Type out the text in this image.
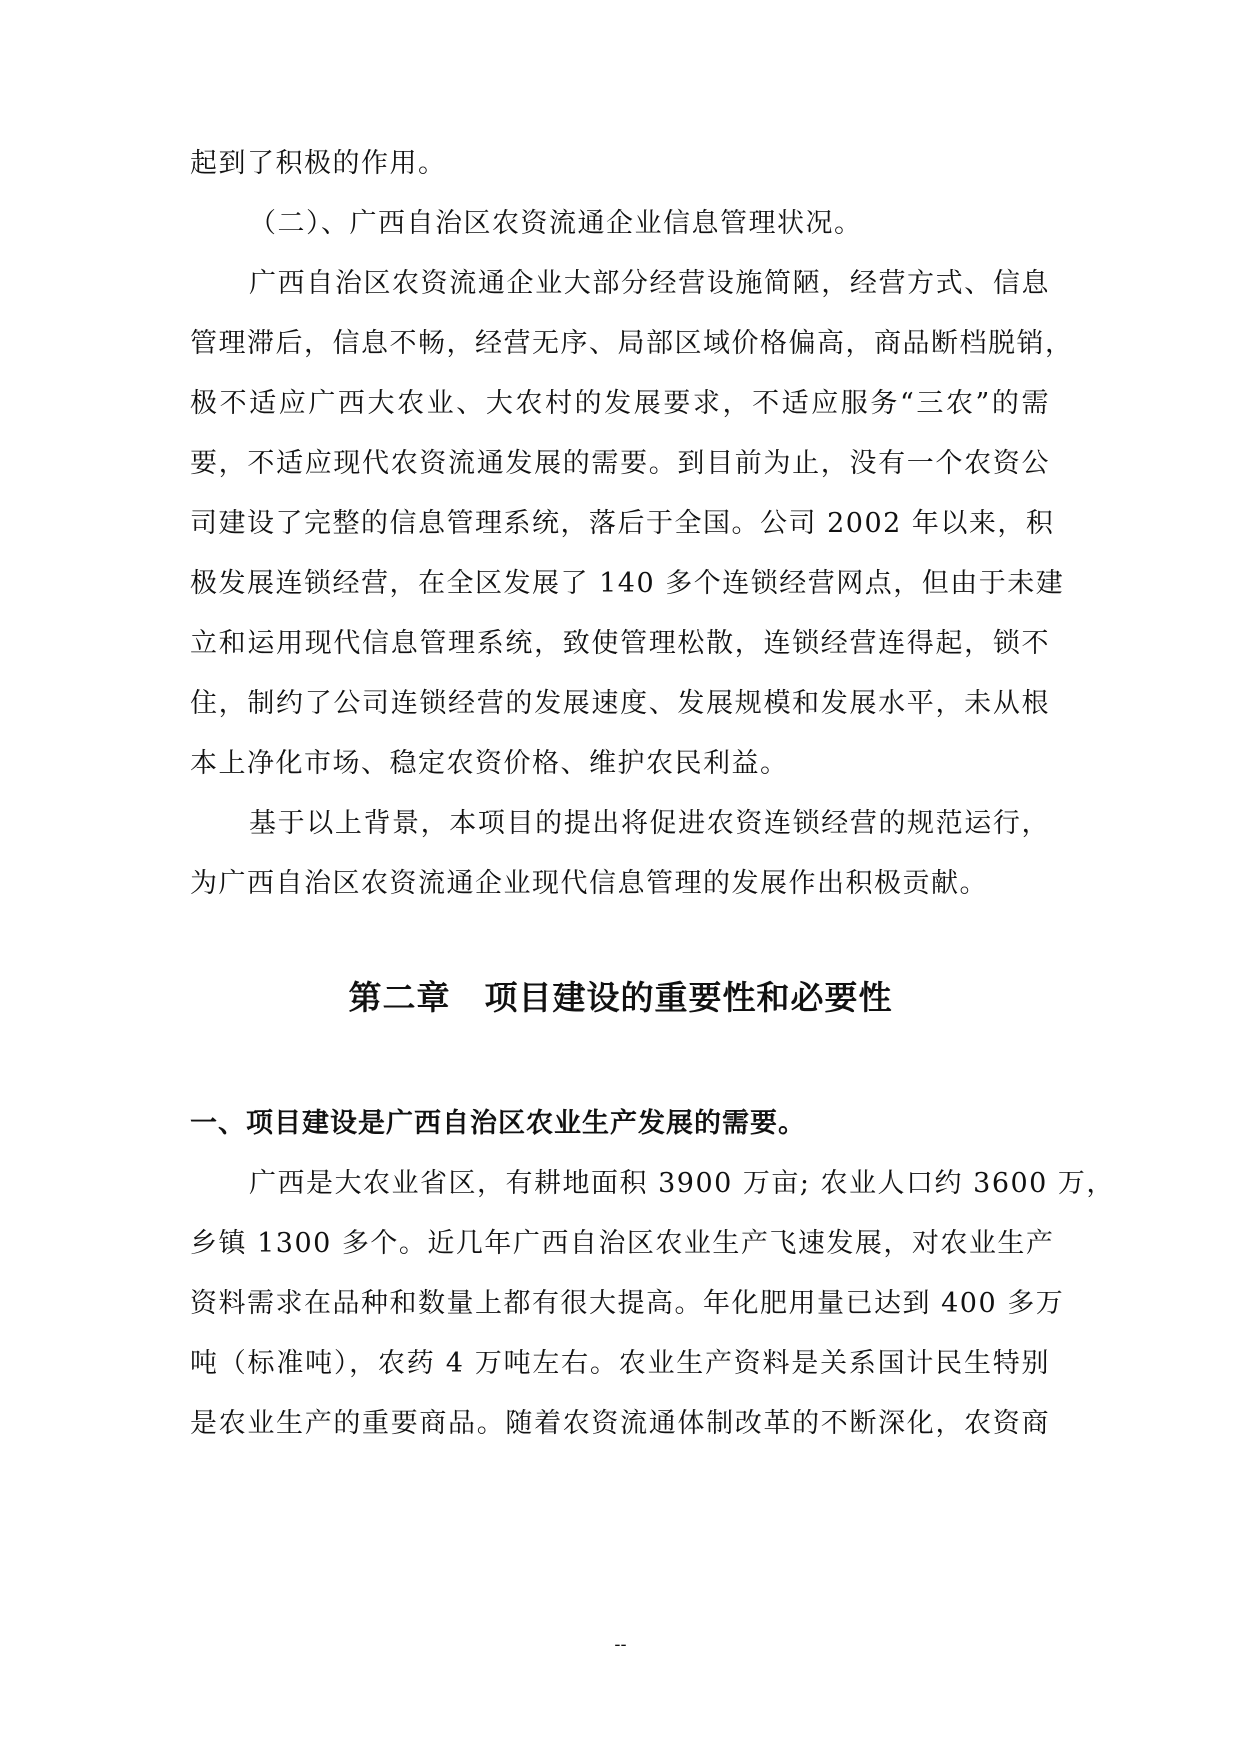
起到了积极的作用。
（二）、广西自治区农资流通企业信息管理状况。
广西自治区农资流通企业大部分经营设施简陋，经营方式、信息
管理滞后，信息不畅，经营无序、局部区域价格偏高，商品断档脱销，
极不适应广西大农业、大农村的发展要求，不适应服务“三农”的需
要，不适应现代农资流通发展的需要。到目前为止，没有一个农资公
司建设了完整的信息管理系统，落后于全国。公司 2002 年以来，积
极发展连锁经营，在全区发展了 140 多个连锁经营网点，但由于未建
立和运用现代信息管理系统，致使管理松散，连锁经营连得起，锁不
住，制约了公司连锁经营的发展速度、发展规模和发展水平，未从根
本上净化市场、稳定农资价格、维护农民利益。
基于以上背景，本项目的提出将促进农资连锁经营的规范运行，
为广西自治区农资流通企业现代信息管理的发展作出积极贡献。
第二章　项目建设的重要性和必要性
一、项目建设是广西自治区农业生产发展的需要。
广西是大农业省区，有耕地面积 3900 万亩; 农业人口约 3600 万，
乡镇 1300 多个。近几年广西自治区农业生产飞速发展，对农业生产
资料需求在品种和数量上都有很大提高。年化肥用量已达到 400 多万
吨（标准吨），农药 4 万吨左右。农业生产资料是关系国计民生特别
是农业生产的重要商品。随着农资流通体制改革的不断深化，农资商
--
